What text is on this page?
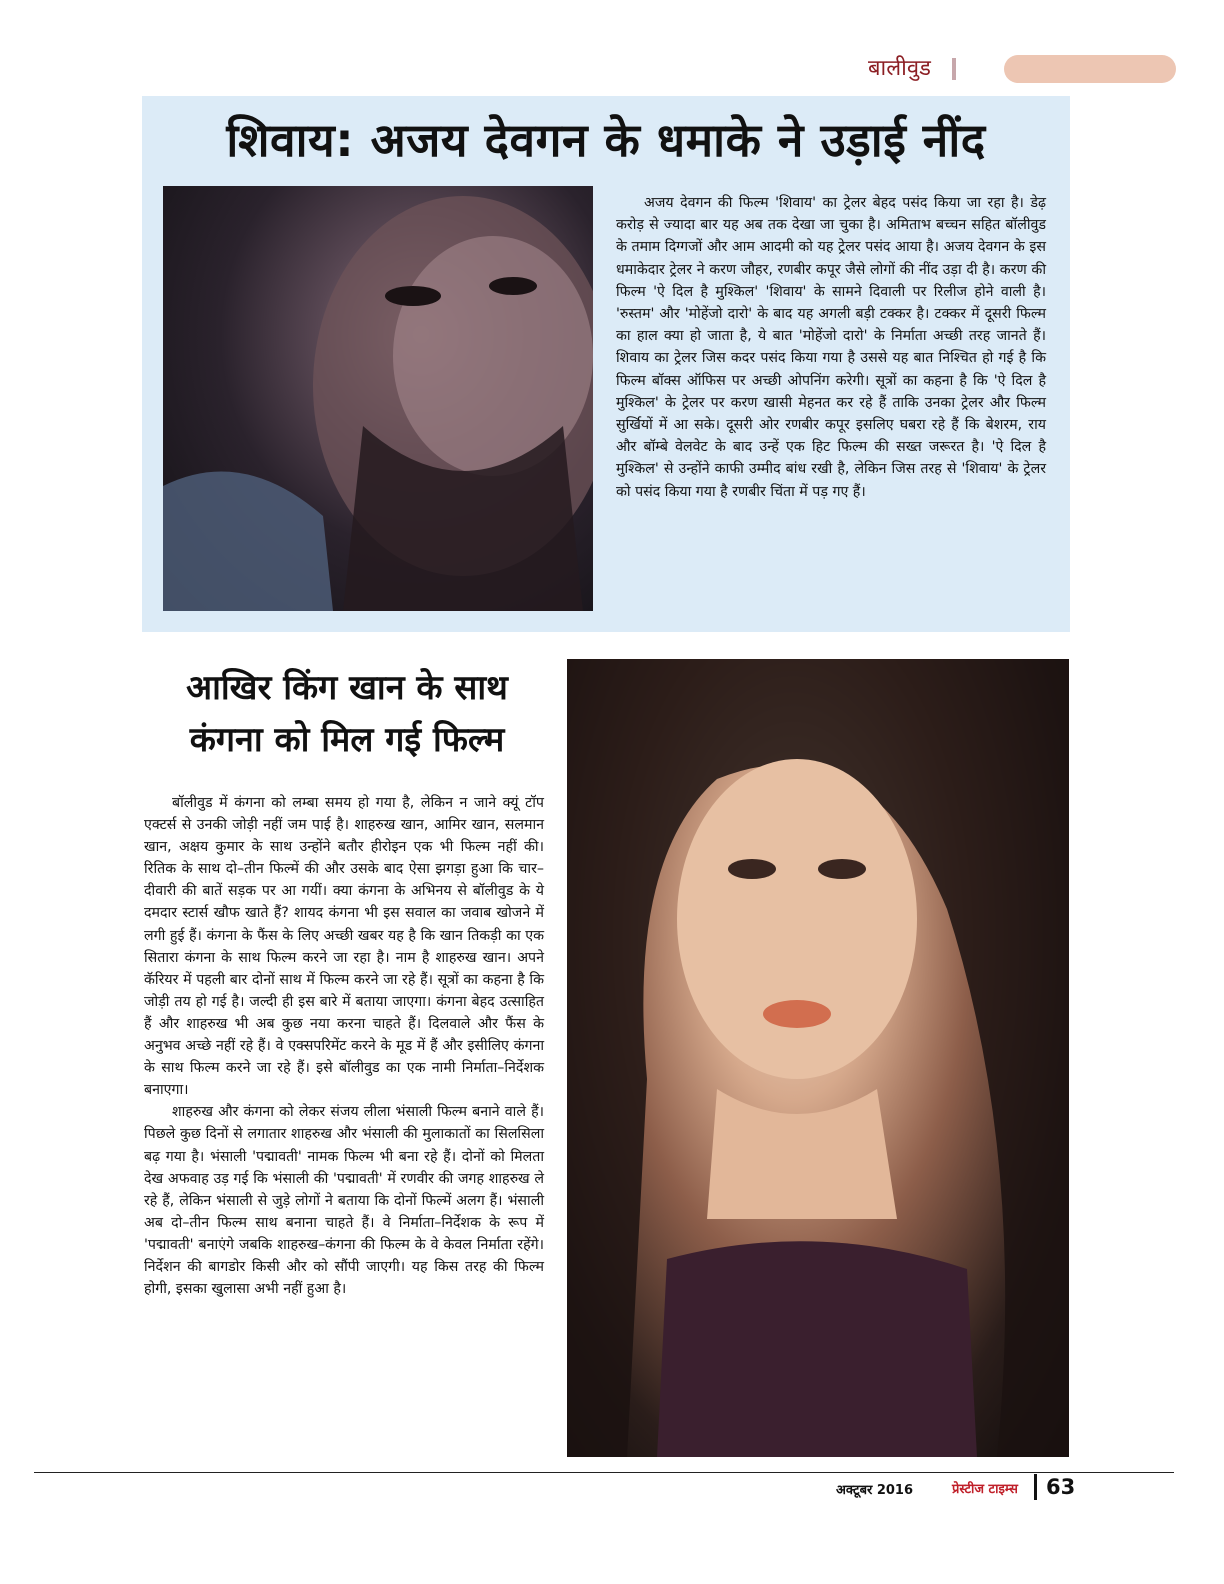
बालीवुड
शिवाय: अजय देवगन के धमाके ने उड़ाई नींद
अजय देवगन की फिल्म 'शिवाय' का ट्रेलर बेहद पसंद किया जा रहा है। डेढ़ करोड़ से ज्यादा बार यह अब तक देखा जा चुका है। अमिताभ बच्चन सहित बॉलीवुड के तमाम दिग्गजों और आम आदमी को यह ट्रेलर पसंद आया है। अजय देवगन के इस धमाकेदार ट्रेलर ने करण जौहर, रणबीर कपूर जैसे लोगों की नींद उड़ा दी है। करण की फिल्म 'ऐ दिल है मुश्किल' 'शिवाय' के सामने दिवाली पर रिलीज होने वाली है। 'रुस्तम' और 'मोहेंजो दारो' के बाद यह अगली बड़ी टक्कर है। टक्कर में दूसरी फिल्म का हाल क्या हो जाता है, ये बात 'मोहेंजो दारो' के निर्माता अच्छी तरह जानते हैं। शिवाय का ट्रेलर जिस कदर पसंद किया गया है उससे यह बात निश्चित हो गई है कि फिल्म बॉक्स ऑफिस पर अच्छी ओपनिंग करेगी। सूत्रों का कहना है कि 'ऐ दिल है मुश्किल' के ट्रेलर पर करण खासी मेहनत कर रहे हैं ताकि उनका ट्रेलर और फिल्म सुर्खियों में आ सके। दूसरी ओर रणबीर कपूर इसलिए घबरा रहे हैं कि बेशरम, राय और बॉम्बे वेलवेट के बाद उन्हें एक हिट फिल्म की सख्त जरूरत है। 'ऐ दिल है मुश्किल' से उन्होंने काफी उम्मीद बांध रखी है, लेकिन जिस तरह से 'शिवाय' के ट्रेलर को पसंद किया गया है रणबीर चिंता में पड़ गए हैं।
आखिर किंग खान के साथ
कंगना को मिल गई फिल्म

बॉलीवुड में कंगना को लम्बा समय हो गया है, लेकिन न जाने क्यूं टॉप एक्टर्स से उनकी जोड़ी नहीं जम पाई है। शाहरुख खान, आमिर खान, सलमान खान, अक्षय कुमार के साथ उन्होंने बतौर हीरोइन एक भी फिल्म नहीं की। रितिक के साथ दो–तीन फिल्में की और उसके बाद ऐसा झगड़ा हुआ कि चार–दीवारी की बातें सड़क पर आ गयीं। क्या कंगना के अभिनय से बॉलीवुड के ये दमदार स्टार्स खौफ खाते हैं? शायद कंगना भी इस सवाल का जवाब खोजने में लगी हुई हैं। कंगना के फैंस के लिए अच्छी खबर यह है कि खान तिकड़ी का एक सितारा कंगना के साथ फिल्म करने जा रहा है। नाम है शाहरुख खान। अपने कॅरियर में पहली बार दोनों साथ में फिल्म करने जा रहे हैं। सूत्रों का कहना है कि जोड़ी तय हो गई है। जल्दी ही इस बारे में बताया जाएगा। कंगना बेहद उत्साहित हैं और शाहरुख भी अब कुछ नया करना चाहते हैं। दिलवाले और फैंस के अनुभव अच्छे नहीं रहे हैं। वे एक्सपरिमेंट करने के मूड में हैं और इसीलिए कंगना के साथ फिल्म करने जा रहे हैं। इसे बॉलीवुड का एक नामी निर्माता–निर्देशक बनाएगा।

शाहरुख और कंगना को लेकर संजय लीला भंसाली फिल्म बनाने वाले हैं। पिछले कुछ दिनों से लगातार शाहरुख और भंसाली की मुलाकातों का सिलसिला बढ़ गया है। भंसाली 'पद्मावती' नामक फिल्म भी बना रहे हैं। दोनों को मिलता देख अफवाह उड़ गई कि भंसाली की 'पद्मावती' में रणवीर की जगह शाहरुख ले रहे हैं, लेकिन भंसाली से जुड़े लोगों ने बताया कि दोनों फिल्में अलग हैं। भंसाली अब दो–तीन फिल्म साथ बनाना चाहते हैं। वे निर्माता–निर्देशक के रूप में 'पद्मावती' बनाएंगे जबकि शाहरुख–कंगना की फिल्म के वे केवल निर्माता रहेंगे। निर्देशन की बागडोर किसी और को सौंपी जाएगी। यह किस तरह की फिल्म होगी, इसका खुलासा अभी नहीं हुआ है।

अक्टूबर 2016	प्रेस्टीज टाइम्स 63
